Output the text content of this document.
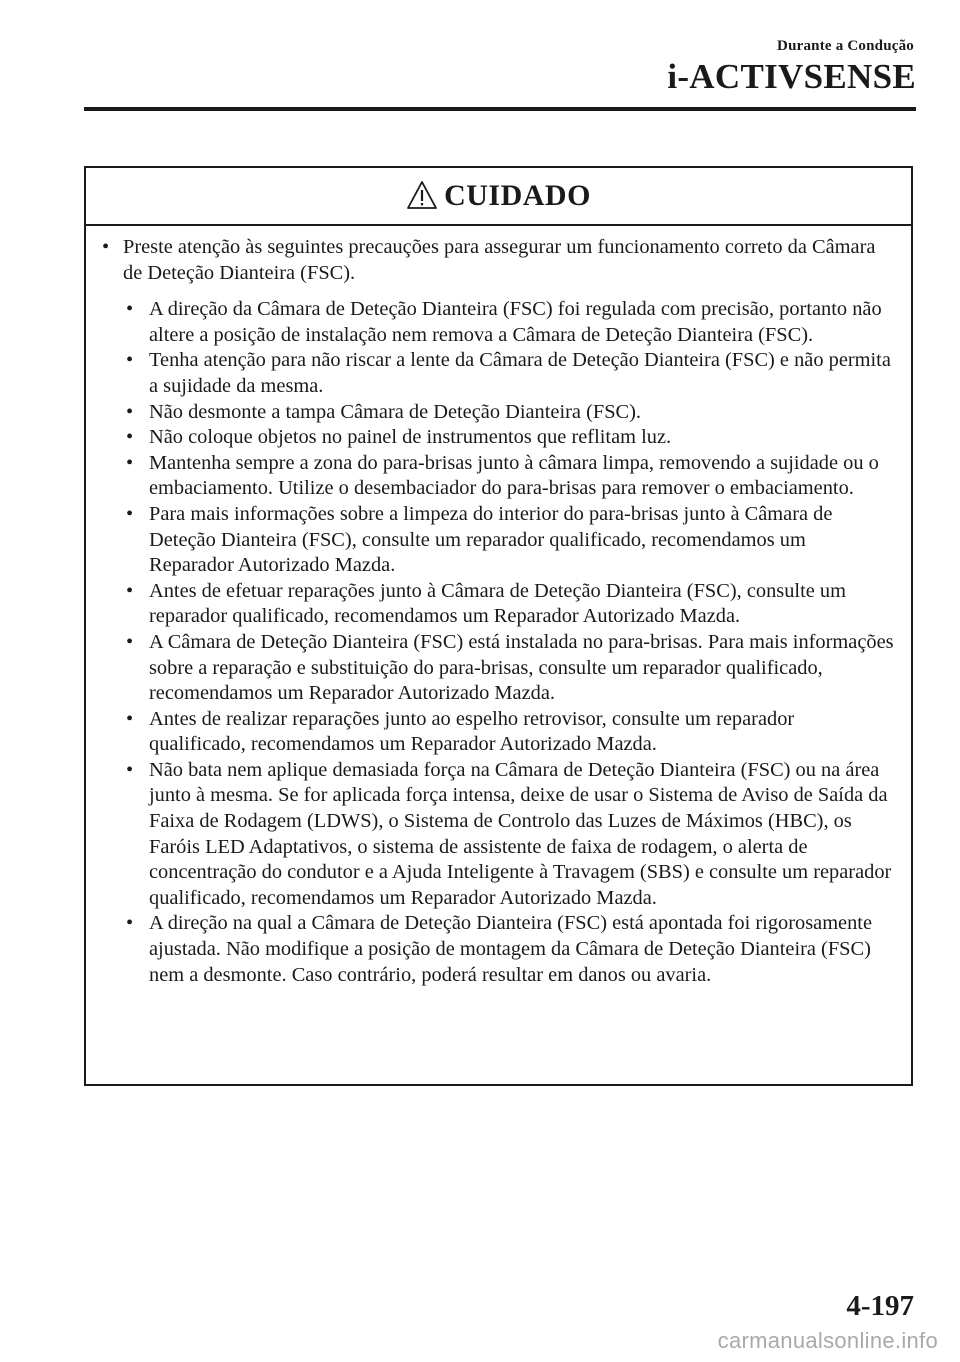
Durante a Condução
i-ACTIVSENSE
CUIDADO
• Preste atenção às seguintes precauções para assegurar um funcionamento correto da Câmara de Deteção Dianteira (FSC).
• A direção da Câmara de Deteção Dianteira (FSC) foi regulada com precisão, portanto não altere a posição de instalação nem remova a Câmara de Deteção Dianteira (FSC).
• Tenha atenção para não riscar a lente da Câmara de Deteção Dianteira (FSC) e não permita a sujidade da mesma.
• Não desmonte a tampa Câmara de Deteção Dianteira (FSC).
• Não coloque objetos no painel de instrumentos que reflitam luz.
• Mantenha sempre a zona do para-brisas junto à câmara limpa, removendo a sujidade ou o embaciamento. Utilize o desembaciador do para-brisas para remover o embaciamento.
• Para mais informações sobre a limpeza do interior do para-brisas junto à Câmara de Deteção Dianteira (FSC), consulte um reparador qualificado, recomendamos um Reparador Autorizado Mazda.
• Antes de efetuar reparações junto à Câmara de Deteção Dianteira (FSC), consulte um reparador qualificado, recomendamos um Reparador Autorizado Mazda.
• A Câmara de Deteção Dianteira (FSC) está instalada no para-brisas. Para mais informações sobre a reparação e substituição do para-brisas, consulte um reparador qualificado, recomendamos um Reparador Autorizado Mazda.
• Antes de realizar reparações junto ao espelho retrovisor, consulte um reparador qualificado, recomendamos um Reparador Autorizado Mazda.
• Não bata nem aplique demasiada força na Câmara de Deteção Dianteira (FSC) ou na área junto à mesma. Se for aplicada força intensa, deixe de usar o Sistema de Aviso de Saída da Faixa de Rodagem (LDWS), o Sistema de Controlo das Luzes de Máximos (HBC), os Faróis LED Adaptativos, o sistema de assistente de faixa de rodagem, o alerta de concentração do condutor e a Ajuda Inteligente à Travagem (SBS) e consulte um reparador qualificado, recomendamos um Reparador Autorizado Mazda.
• A direção na qual a Câmara de Deteção Dianteira (FSC) está apontada foi rigorosamente ajustada. Não modifique a posição de montagem da Câmara de Deteção Dianteira (FSC) nem a desmonte. Caso contrário, poderá resultar em danos ou avaria.
4-197
carmanualsonline.info
